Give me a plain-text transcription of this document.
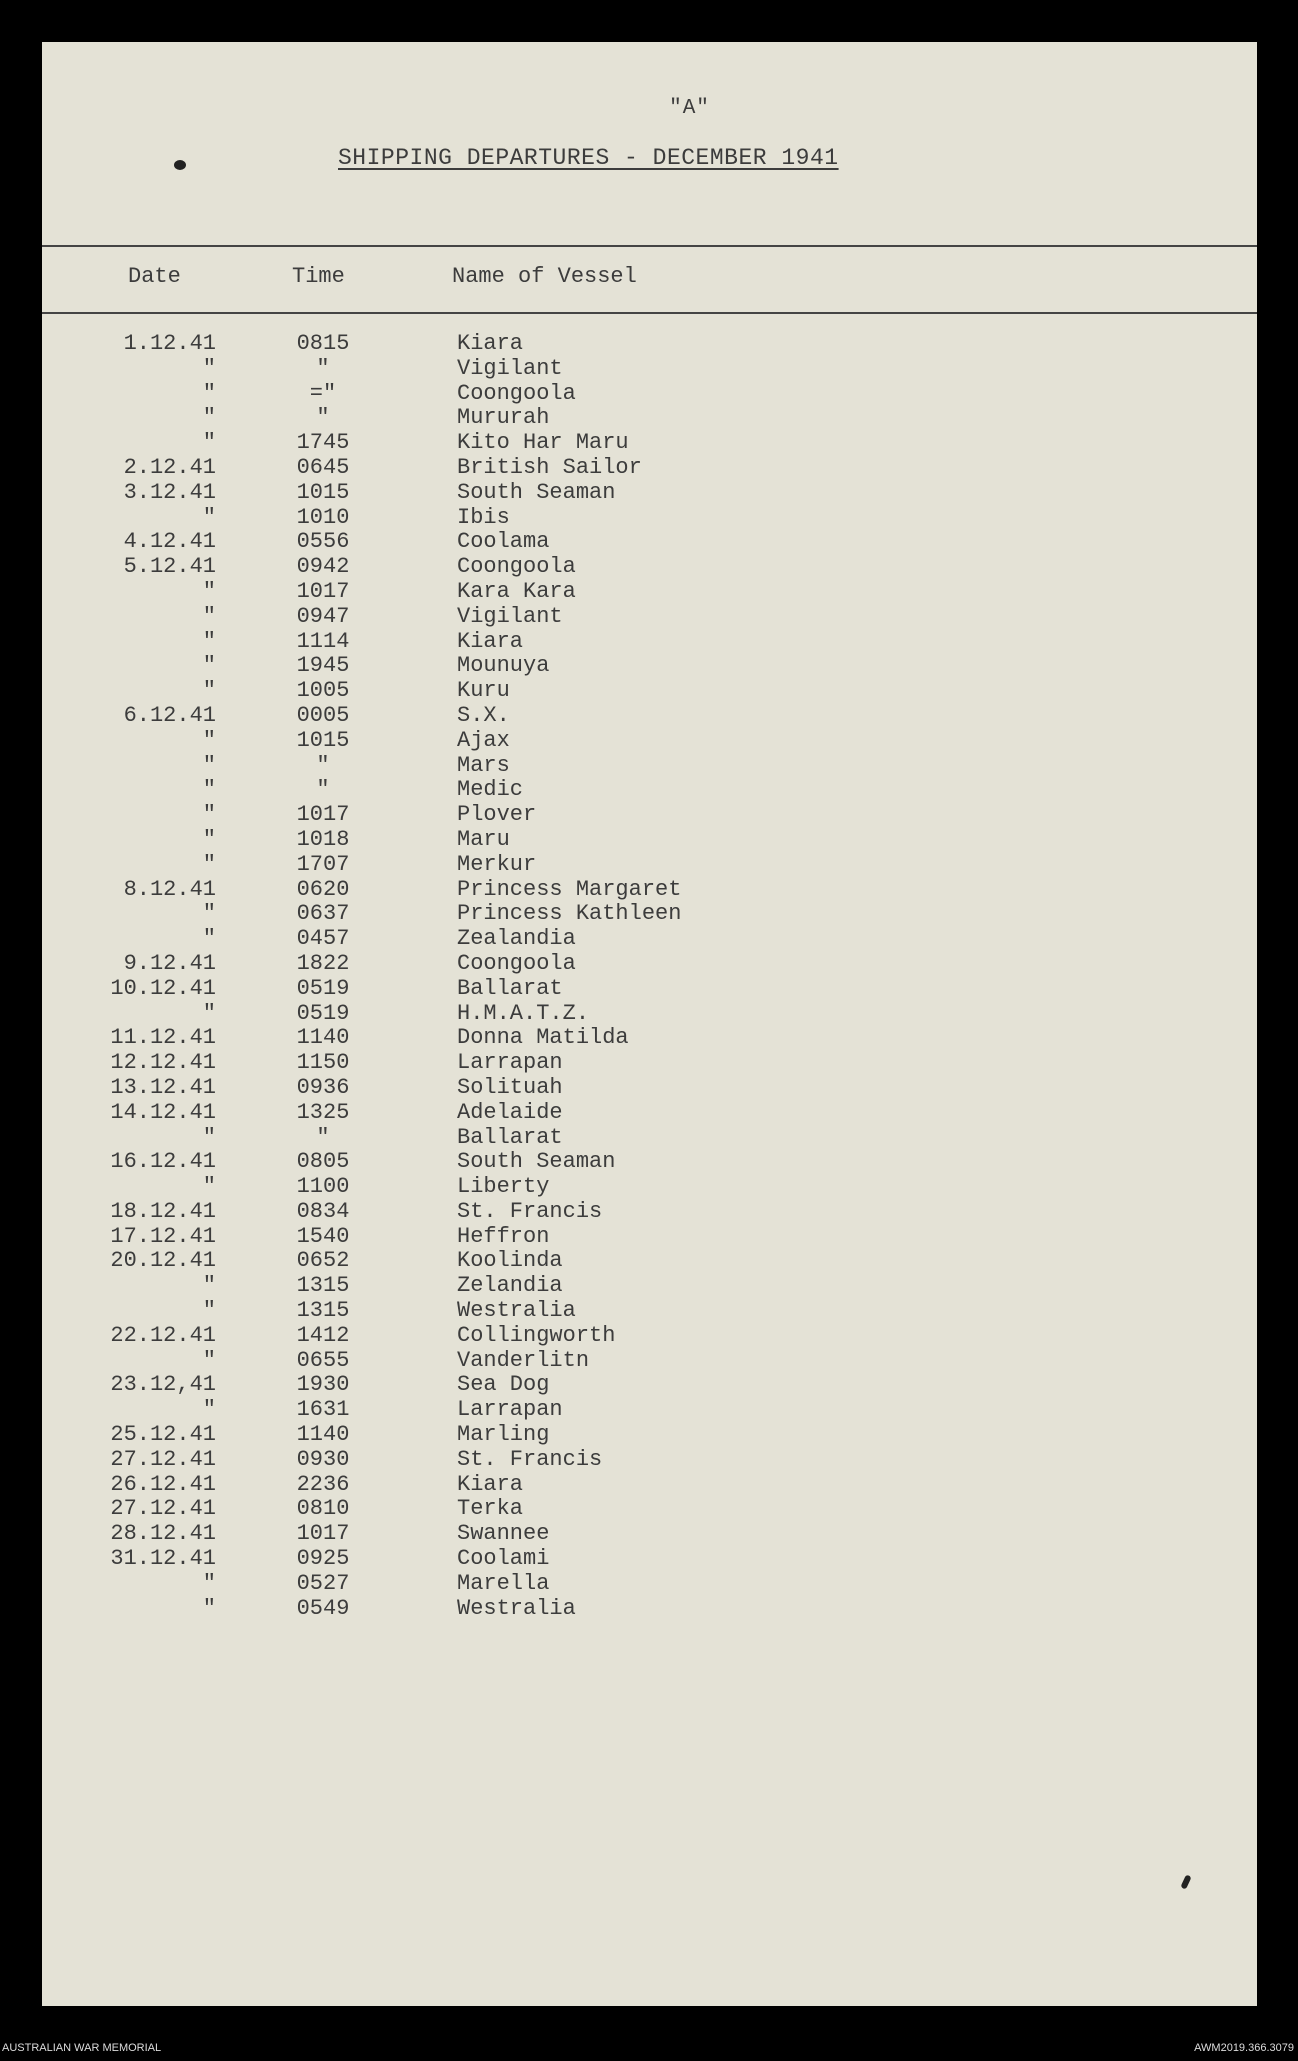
"A"
SHIPPING DEPARTURES - DECEMBER 1941
Date	Time	Name of Vessel
1.12.41	0815	Kiara
"	"	Vigilant
"	="	Coongoola
"	"	Mururah
"	1745	Kito Har Maru
2.12.41	0645	British Sailor
3.12.41	1015	South Seaman
"	1010	Ibis
4.12.41	0556	Coolama
5.12.41	0942	Coongoola
"	1017	Kara Kara
"	0947	Vigilant
"	1114	Kiara
"	1945	Mounuya
"	1005	Kuru
6.12.41	0005	S.X.
"	1015	Ajax
"	"	Mars
"	"	Medic
"	1017	Plover
"	1018	Maru
"	1707	Merkur
8.12.41	0620	Princess Margaret
"	0637	Princess Kathleen
"	0457	Zealandia
9.12.41	1822	Coongoola
10.12.41	0519	Ballarat
"	0519	H.M.A.T.Z.
11.12.41	1140	Donna Matilda
12.12.41	1150	Larrapan
13.12.41	0936	Solituah
14.12.41	1325	Adelaide
"	"	Ballarat
16.12.41	0805	South Seaman
"	1100	Liberty
18.12.41	0834	St. Francis
17.12.41	1540	Heffron
20.12.41	0652	Koolinda
"	1315	Zelandia
"	1315	Westralia
22.12.41	1412	Collingworth
"	0655	Vanderlitn
23.12,41	1930	Sea Dog
"	1631	Larrapan
25.12.41	1140	Marling
27.12.41	0930	St. Francis
26.12.41	2236	Kiara
27.12.41	0810	Terka
28.12.41	1017	Swannee
31.12.41	0925	Coolami
"	0527	Marella
"	0549	Westralia
AUSTRALIAN WAR MEMORIAL	AWM2019.366.3079
